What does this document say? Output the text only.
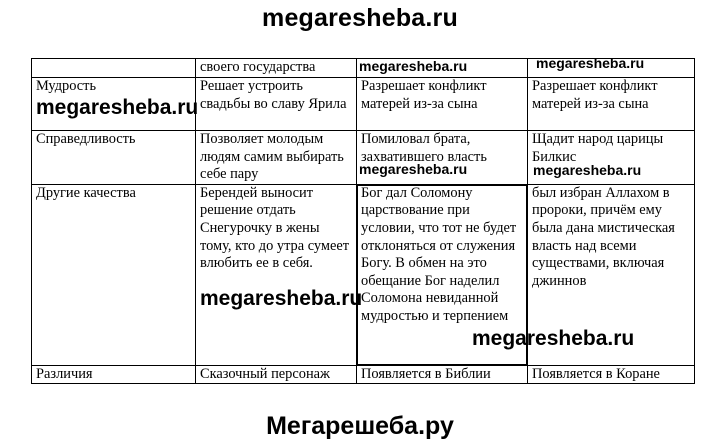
megaresheba.ru
	своего государства		
Мудрость	Решает устроить свадьбы во славу Ярила	Разрешает конфликт матерей из-за сына	Разрешает конфликт матерей из-за сына
Справедливость	Позволяет молодым людям самим выбирать себе пару	Помиловал брата, захватившего власть	Щадит народ царицы Билкис
Другие качества	Берендей выносит решение отдать Снегурочку в жены тому, кто до утра сумеет влюбить ее в себя.	Бог дал Соломону царствование при условии, что тот не будет отклоняться от служения Богу. В обмен на это обещание Бог наделил Соломона невиданной мудростью и терпением	был избран Аллахом в пророки, причём ему была дана мистическая власть над всеми существами, включая джиннов
Различия	Сказочный персонаж	Появляется в Библии	Появляется в Коране
megaresheba.ru	megaresheba.ru
megaresheba.ru
megaresheba.ru	megaresheba.ru
megaresheba.ru
megaresheba.ru
Мегарешеба.ру
